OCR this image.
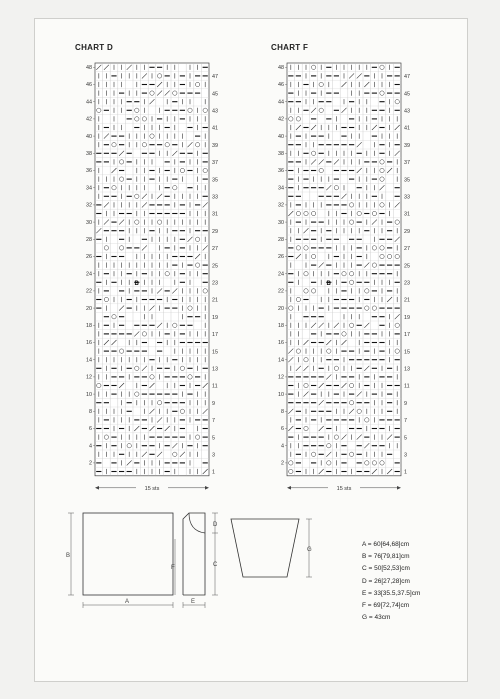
CHART D	CHART F
B
48
46
44
42
40
38
36
34
32
30
28
26
24
22
20
18
16
14
12
10
8
6
4
2
47
45
43
41
39
37
35
33
31
29
27
25
23
21
19
17
15
13
11
9
7
5
3
1
15 sts
B
48
46
44
42
40
38
36
34
32
30
28
26
24
22
20
18
16
14
12
10
8
6
4
2
47
45
43
41
39
37
35
33
31
29
27
25
23
21
19
17
15
13
11
9
7
5
3
1
15 sts
B
A
D
C
F
E
G
A = 60[64,68]cm
B = 76[79,81]cm
C = 50[52,53]cm
D = 26[27,28]cm
E = 33[35.5,37.5]cm
F = 69[72,74]cm
G = 43cm
